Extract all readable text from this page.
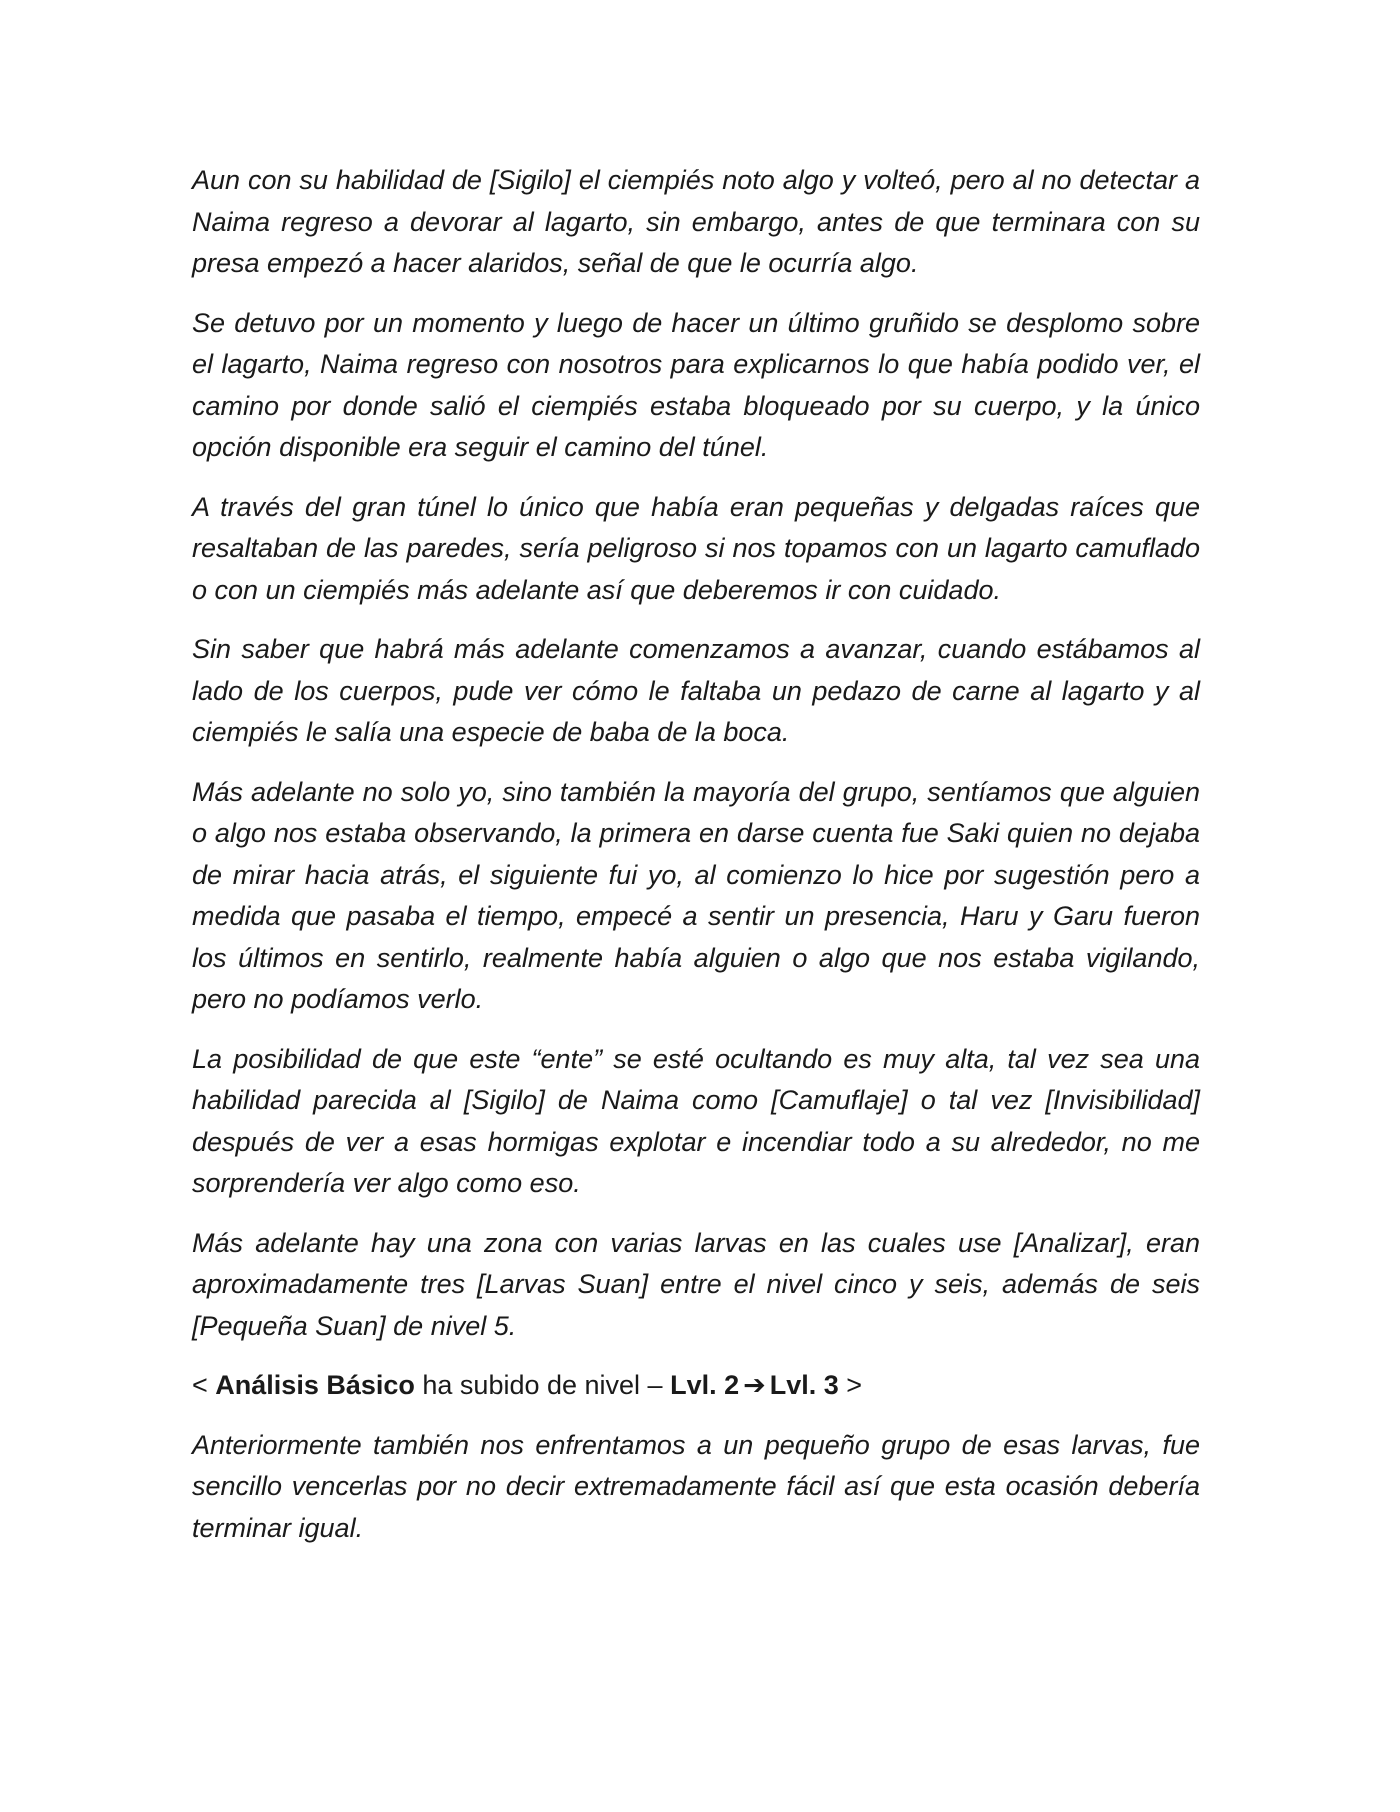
Aun con su habilidad de [Sigilo] el ciempiés noto algo y volteó, pero al no detectar a Naima regreso a devorar al lagarto, sin embargo, antes de que terminara con su presa empezó a hacer alaridos, señal de que le ocurría algo.

Se detuvo por un momento y luego de hacer un último gruñido se desplomo sobre el lagarto, Naima regreso con nosotros para explicarnos lo que había podido ver, el camino por donde salió el ciempiés estaba bloqueado por su cuerpo, y la único opción disponible era seguir el camino del túnel.

A través del gran túnel lo único que había eran pequeñas y delgadas raíces que resaltaban de las paredes, sería peligroso si nos topamos con un lagarto camuflado o con un ciempiés más adelante así que deberemos ir con cuidado.

Sin saber que habrá más adelante comenzamos a avanzar, cuando estábamos al lado de los cuerpos, pude ver cómo le faltaba un pedazo de carne al lagarto y al ciempiés le salía una especie de baba de la boca.

Más adelante no solo yo, sino también la mayoría del grupo, sentíamos que alguien o algo nos estaba observando, la primera en darse cuenta fue Saki quien no dejaba de mirar hacia atrás, el siguiente fui yo, al comienzo lo hice por sugestión pero a medida que pasaba el tiempo, empecé a sentir un presencia, Haru y Garu fueron los últimos en sentirlo, realmente había alguien o algo que nos estaba vigilando, pero no podíamos verlo.

La posibilidad de que este “ente” se esté ocultando es muy alta, tal vez sea una habilidad parecida al [Sigilo] de Naima como [Camuflaje] o tal vez [Invisibilidad] después de ver a esas hormigas explotar e incendiar todo a su alrededor, no me sorprendería ver algo como eso.

Más adelante hay una zona con varias larvas en las cuales use [Analizar], eran aproximadamente tres [Larvas Suan] entre el nivel cinco y seis, además de seis [Pequeña Suan] de nivel 5.

< Análisis Básico ha subido de nivel – Lvl. 2 ➔ Lvl. 3 >

Anteriormente también nos enfrentamos a un pequeño grupo de esas larvas, fue sencillo vencerlas por no decir extremadamente fácil así que esta ocasión debería terminar igual.
